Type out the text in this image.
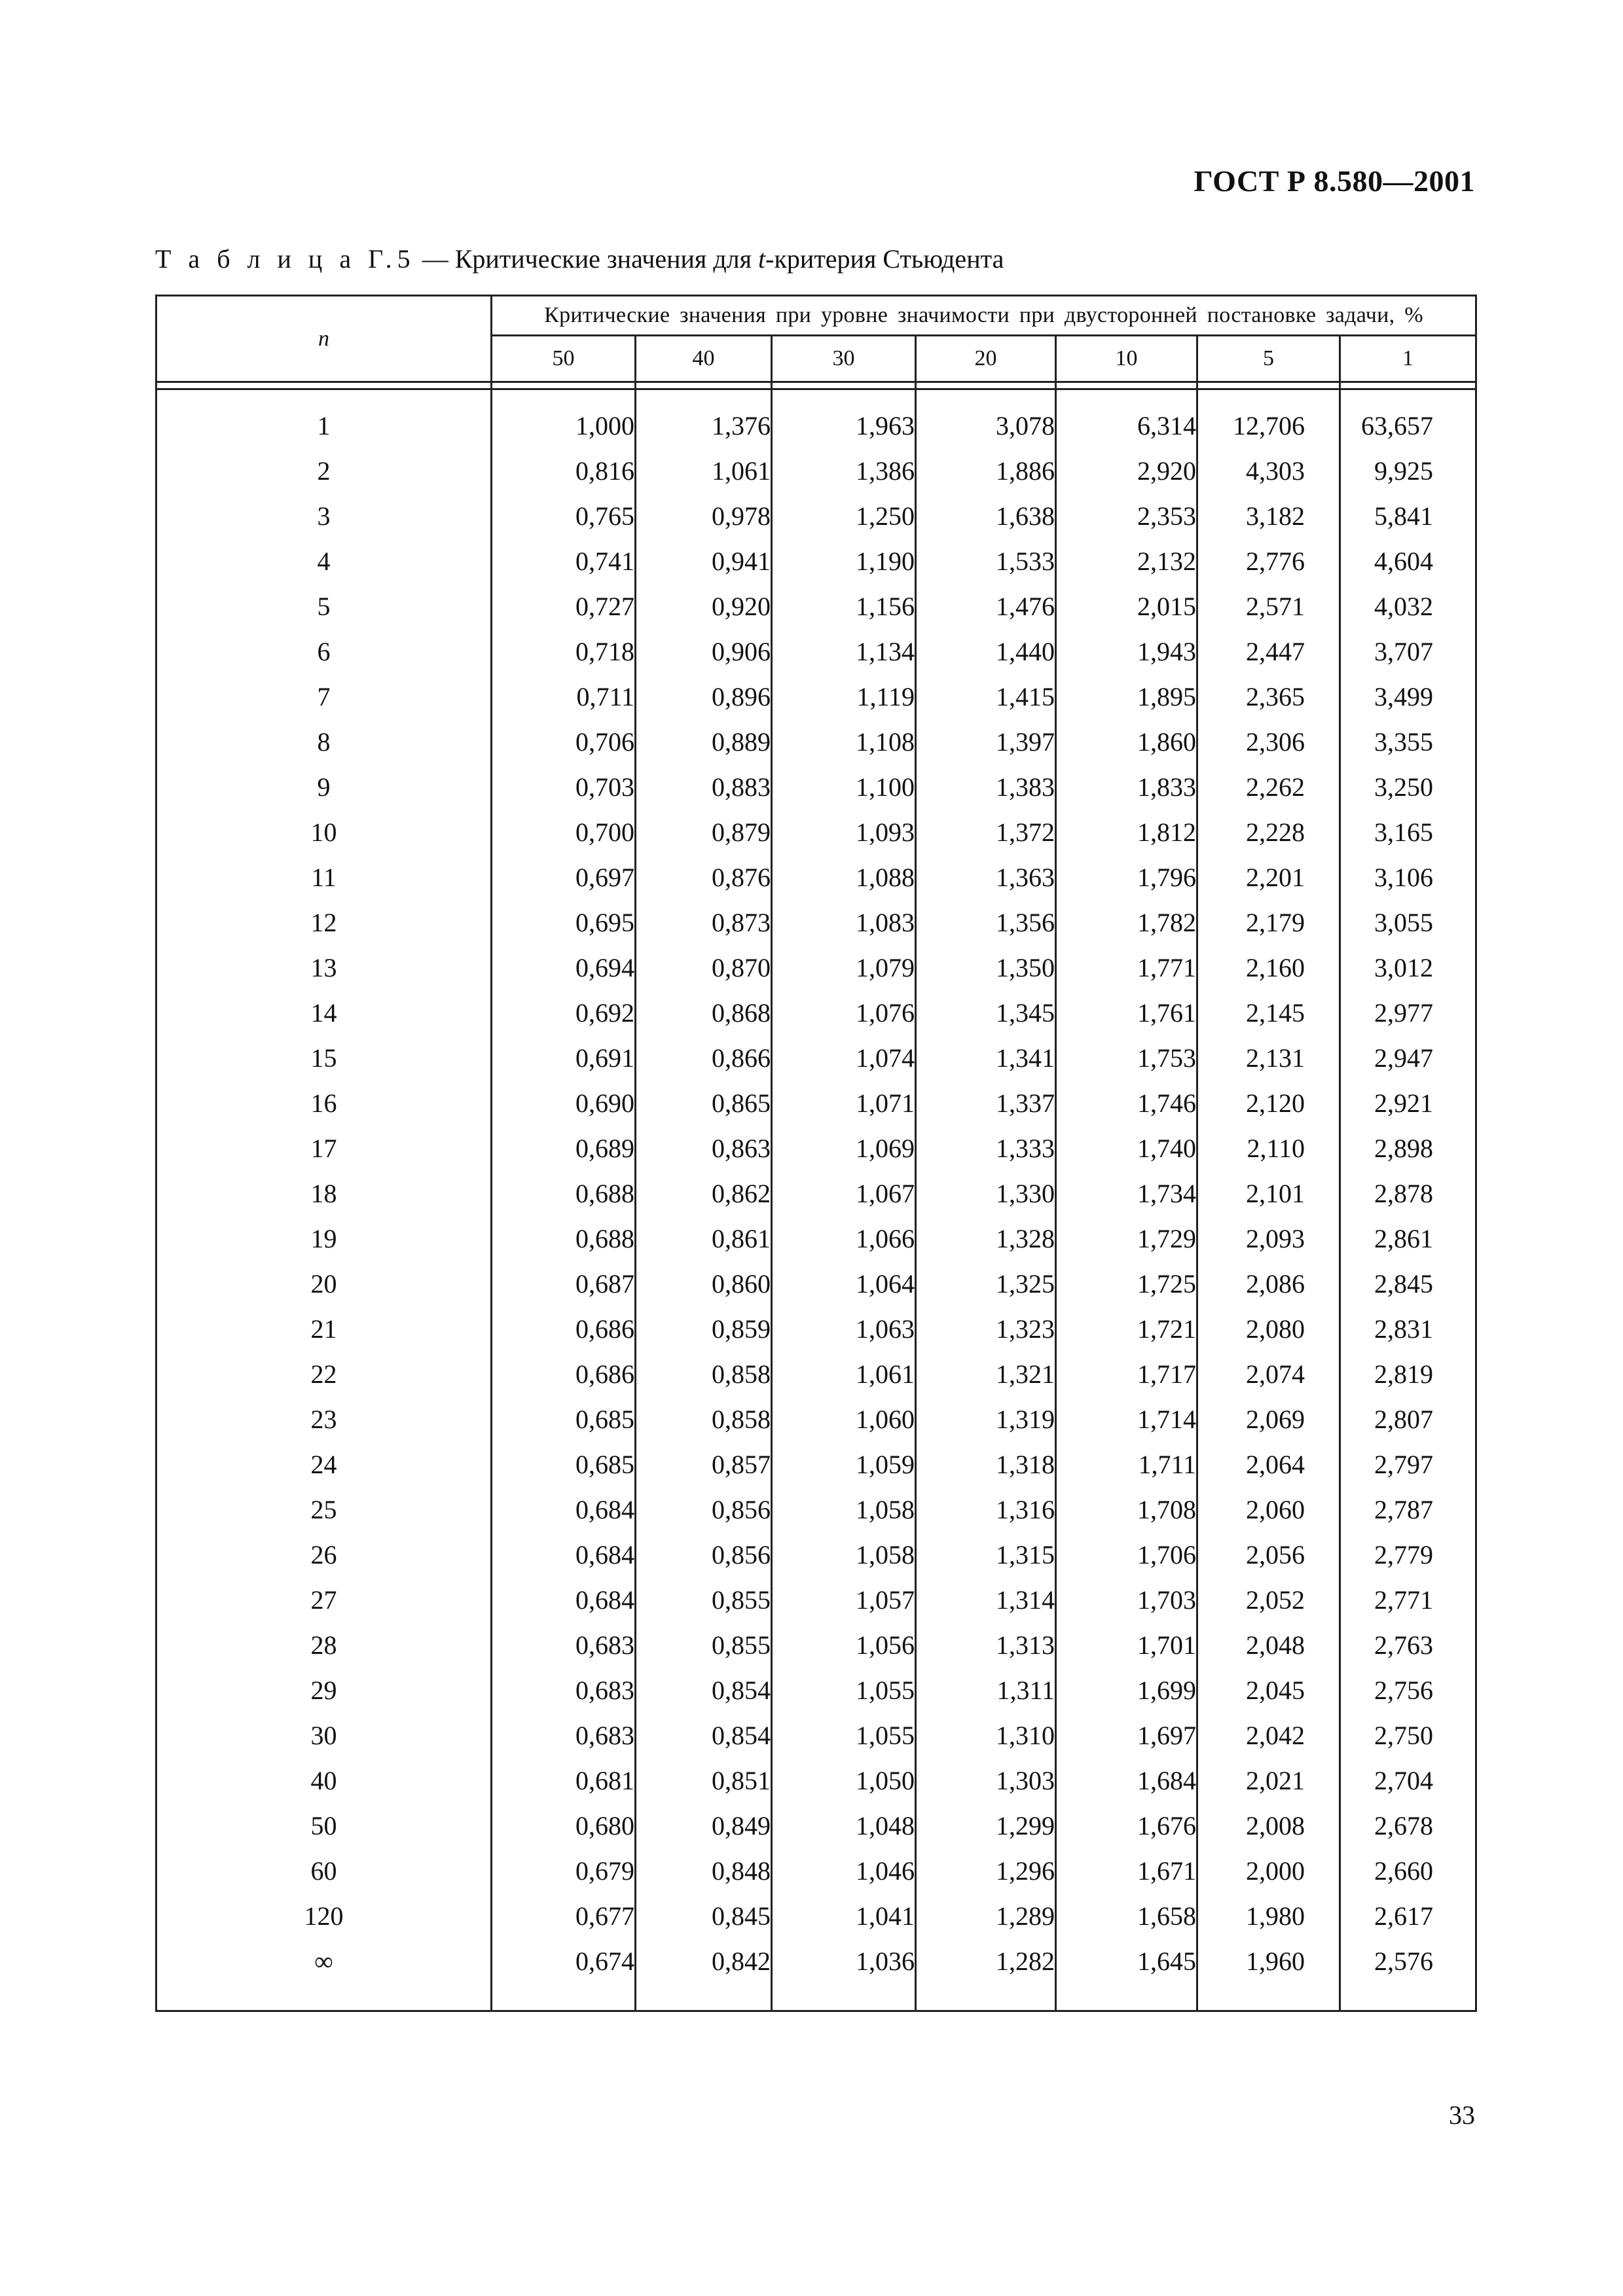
ГОСТ Р 8.580—2001
Т а б л и ц а Г.5 — Критические значения для t-критерия Стьюдента
n	Критические значения при уровне значимости при двусторонней постановке задачи, %						
	50	40	30	20	10	5	1

1	1,000	1,376	1,963	3,078	6,314	12,706	63,657
2	0,816	1,061	1,386	1,886	2,920	4,303	9,925
3	0,765	0,978	1,250	1,638	2,353	3,182	5,841
4	0,741	0,941	1,190	1,533	2,132	2,776	4,604
5	0,727	0,920	1,156	1,476	2,015	2,571	4,032
6	0,718	0,906	1,134	1,440	1,943	2,447	3,707
7	0,711	0,896	1,119	1,415	1,895	2,365	3,499
8	0,706	0,889	1,108	1,397	1,860	2,306	3,355
9	0,703	0,883	1,100	1,383	1,833	2,262	3,250
10	0,700	0,879	1,093	1,372	1,812	2,228	3,165
11	0,697	0,876	1,088	1,363	1,796	2,201	3,106
12	0,695	0,873	1,083	1,356	1,782	2,179	3,055
13	0,694	0,870	1,079	1,350	1,771	2,160	3,012
14	0,692	0,868	1,076	1,345	1,761	2,145	2,977
15	0,691	0,866	1,074	1,341	1,753	2,131	2,947
16	0,690	0,865	1,071	1,337	1,746	2,120	2,921
17	0,689	0,863	1,069	1,333	1,740	2,110	2,898
18	0,688	0,862	1,067	1,330	1,734	2,101	2,878
19	0,688	0,861	1,066	1,328	1,729	2,093	2,861
20	0,687	0,860	1,064	1,325	1,725	2,086	2,845
21	0,686	0,859	1,063	1,323	1,721	2,080	2,831
22	0,686	0,858	1,061	1,321	1,717	2,074	2,819
23	0,685	0,858	1,060	1,319	1,714	2,069	2,807
24	0,685	0,857	1,059	1,318	1,711	2,064	2,797
25	0,684	0,856	1,058	1,316	1,708	2,060	2,787
26	0,684	0,856	1,058	1,315	1,706	2,056	2,779
27	0,684	0,855	1,057	1,314	1,703	2,052	2,771
28	0,683	0,855	1,056	1,313	1,701	2,048	2,763
29	0,683	0,854	1,055	1,311	1,699	2,045	2,756
30	0,683	0,854	1,055	1,310	1,697	2,042	2,750
40	0,681	0,851	1,050	1,303	1,684	2,021	2,704
50	0,680	0,849	1,048	1,299	1,676	2,008	2,678
60	0,679	0,848	1,046	1,296	1,671	2,000	2,660
120	0,677	0,845	1,041	1,289	1,658	1,980	2,617
∞	0,674	0,842	1,036	1,282	1,645	1,960	2,576

33
